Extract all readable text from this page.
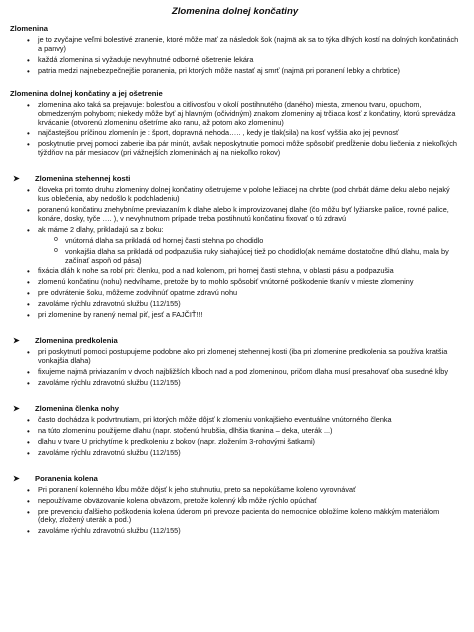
Zlomenina dolnej končatiny
Zlomenina
• je to zvyčajne veľmi bolestivé zranenie, ktoré môže mať za následok šok (najmä ak sa to týka dlhých kostí na dolných končatinách a panvy)
• každá zlomenina si vyžaduje nevyhnutné odborné ošetrenie lekára
• patria medzi najnebezpečnejšie poranenia, pri ktorých môže nastať aj smrť (najmä pri poranení lebky a chrbtice)
Zlomenina dolnej končatiny a jej ošetrenie
• zlomenina ako taká sa prejavuje: bolesťou a citlivosťou v okolí postihnutého (daného) miesta, zmenou tvaru, opuchom, obmedzeným pohybom; niekedy môže byť aj hlavným (očividným) znakom zlomeniny aj trčiaca kosť z končatiny, ktorú sprevádza krvácanie (otvorenú zlomeninu ošetríme ako ranu, až potom ako zlomeninu)
• najčastejšou príčinou zlomenín je : šport, dopravná nehoda….. , kedy je tlak(sila) na kosť vyššia ako jej pevnosť
• poskytnutie prvej pomoci zaberie iba pár minút, avšak neposkytnutie pomoci môže spôsobiť predĺženie dobu liečenia z niekoľkých týždňov na pár mesiacov (pri vážnejších zlomeninách aj na niekoľko rokov)
➤ Zlomenina stehennej kosti
• človeka pri tomto druhu zlomeniny dolnej končatiny ošetrujeme v polohe ležiacej na chrbte (pod chrbát dáme deku alebo nejaký kus oblečenia, aby nedošlo k podchladeniu)
• poranenú končatinu znehybníme previazaním k dlahe alebo k improvizovanej dlahe (čo môžu byť lyžiarske palice, rovné palice, konáre, dosky, tyče …. ), v nevyhnutnom prípade treba postihnutú končatinu fixovať o tú zdravú
• ak máme 2 dlahy, prikladajú sa z boku:
o vnútorná dlaha sa prikladá od hornej časti stehna po chodidlo
o vonkajšia dlaha sa prikladá od podpazušia ruky siahajúcej tiež po chodidlo(ak nemáme dostatočne dlhú dlahu, mala by začínať aspoň od pása)
• fixácia dláh k nohe sa robí pri: členku, pod a nad kolenom, pri hornej časti stehna, v oblasti pásu a podpazušia
• zlomenú končatinu (nohu) nedvíhame, pretože by to mohlo spôsobiť vnútorné poškodenie tkanív v mieste zlomeniny
• pre odvrátenie šoku, môžeme zodvihnúť opatrne zdravú nohu
• zavoláme rýchlu zdravotnú službu (112/155)
• pri zlomenine by ranený nemal piť, jesť a FAJČIŤ!!!
➤ Zlomenina predkolenia
• pri poskytnutí pomoci postupujeme podobne ako pri zlomenej stehennej kosti (iba pri zlomenine predkolenia sa používa kratšia vonkajšia dlaha)
• fixujeme najmä priviazaním v dvoch najbližších kĺboch nad a pod zlomeninou, pričom dlaha musí presahovať oba susedné kĺby
• zavoláme rýchlu zdravotnú službu (112/155)
➤ Zlomenina členka nohy
• často dochádza k podvrtnutiam, pri ktorých môže dôjsť k zlomeniu vonkajšieho eventuálne vnútorného členka
• na túto zlomeninu použijeme dlahu (napr. stočenú hrubšia, dlhšia tkanina – deka, uterák ...)
• dlahu v tvare U prichytíme k predkoleniu z bokov (napr. zložením 3-rohovými šatkami)
• zavoláme rýchlu zdravotnú službu (112/155)
➤ Poranenia kolena
• Pri poranení kolenného kĺbu môže dôjsť k jeho stuhnutiu, preto sa nepokúšame koleno vyrovnávať
• nepoužívame obväzovanie kolena obväzom, pretože kolenný kĺb môže rýchlo opúchať
• pre prevenciu ďalšieho poškodenia kolena úderom pri prevoze pacienta do nemocnice obložíme koleno mäkkým materiálom (deky, zložený uterák a pod.)
• zavoláme rýchlu zdravotnú službu (112/155)
